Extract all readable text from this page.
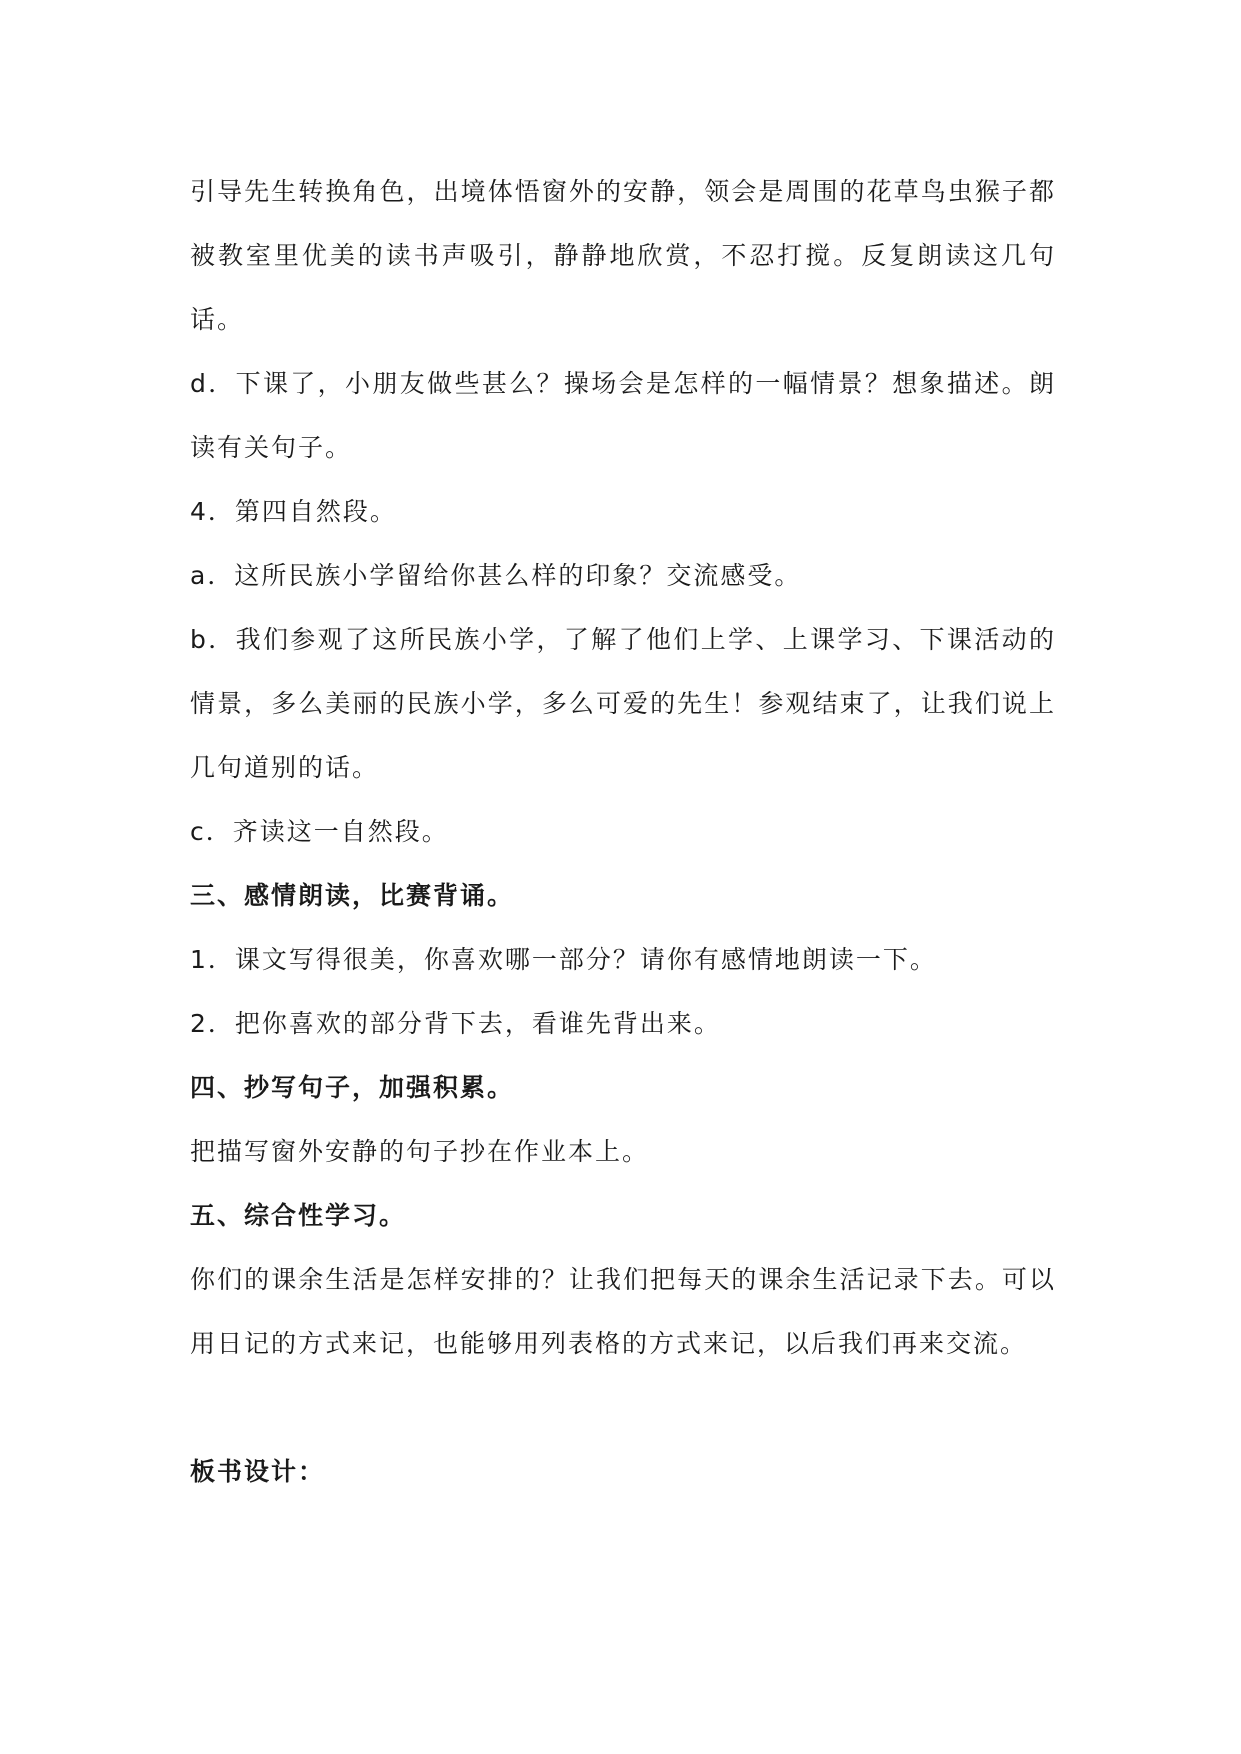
引导先生转换角色，出境体悟窗外的安静，领会是周围的花草鸟虫猴子都被教室里优美的读书声吸引，静静地欣赏，不忍打搅。反复朗读这几句话。

d．下课了，小朋友做些甚么？操场会是怎样的一幅情景？想象描述。朗读有关句子。

4．第四自然段。

a．这所民族小学留给你甚么样的印象？交流感受。

b．我们参观了这所民族小学，了解了他们上学、上课学习、下课活动的情景，多么美丽的民族小学，多么可爱的先生！参观结束了，让我们说上几句道别的话。

c．齐读这一自然段。

三、感情朗读，比赛背诵。

1．课文写得很美，你喜欢哪一部分？请你有感情地朗读一下。

2．把你喜欢的部分背下去，看谁先背出来。

四、抄写句子，加强积累。

把描写窗外安静的句子抄在作业本上。

五、综合性学习。

你们的课余生活是怎样安排的？让我们把每天的课余生活记录下去。可以用日记的方式来记，也能够用列表格的方式来记，以后我们再来交流。

板书设计：
